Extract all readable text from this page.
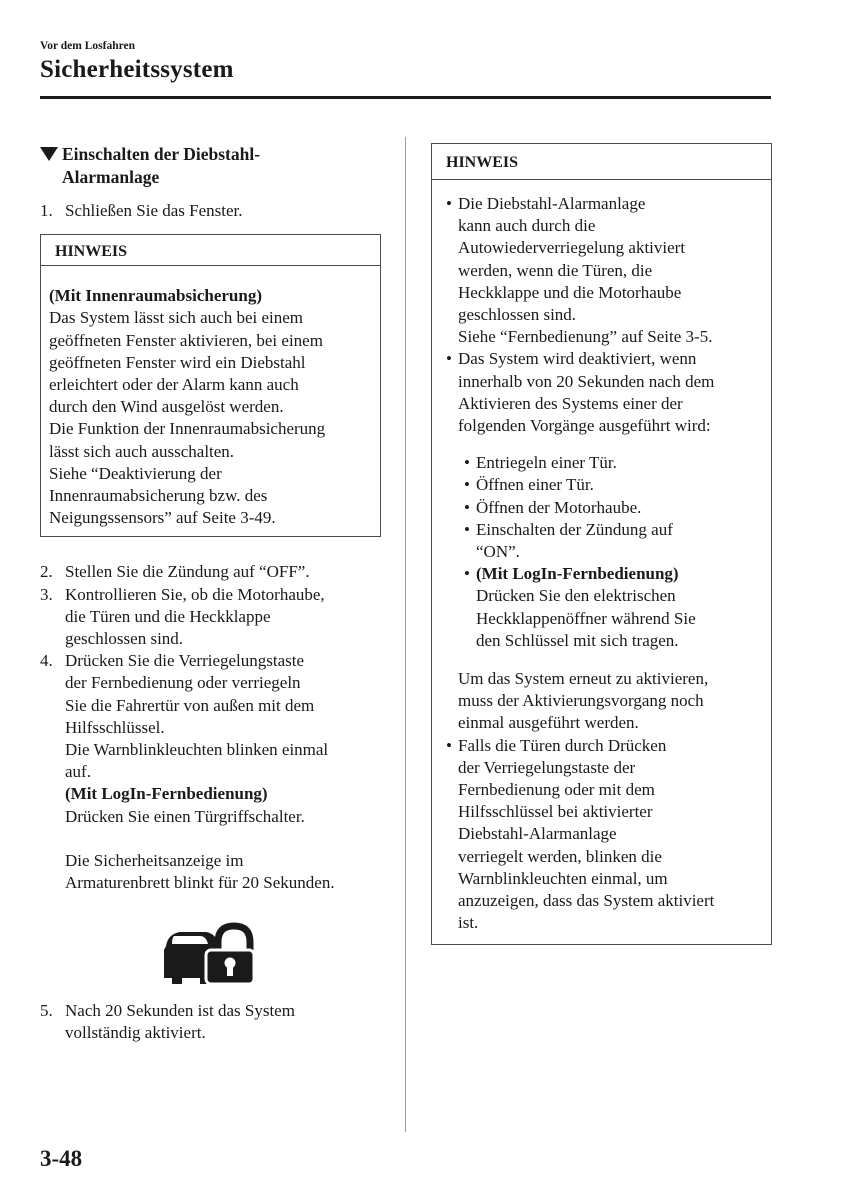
Vor dem Losfahren
Sicherheitssystem
Einschalten der Diebstahl-
Alarmanlage
1. Schließen Sie das Fenster.
HINWEIS
(Mit Innenraumabsicherung)
Das System lässt sich auch bei einem
geöffneten Fenster aktivieren, bei einem
geöffneten Fenster wird ein Diebstahl
erleichtert oder der Alarm kann auch
durch den Wind ausgelöst werden.
Die Funktion der Innenraumabsicherung
lässt sich auch ausschalten.
Siehe “Deaktivierung der
Innenraumabsicherung bzw. des
Neigungssensors” auf Seite 3-49.
2. Stellen Sie die Zündung auf “OFF”.
3. Kontrollieren Sie, ob die Motorhaube,
die Türen und die Heckklappe
geschlossen sind.
4. Drücken Sie die Verriegelungstaste
der Fernbedienung oder verriegeln
Sie die Fahrertür von außen mit dem
Hilfsschlüssel.
Die Warnblinkleuchten blinken einmal
auf.
(Mit LogIn-Fernbedienung)
Drücken Sie einen Türgriffschalter.
Die Sicherheitsanzeige im
Armaturenbrett blinkt für 20 Sekunden.
5. Nach 20 Sekunden ist das System
vollständig aktiviert.
HINWEIS
• Die Diebstahl-Alarmanlage
kann auch durch die
Autowiederverriegelung aktiviert
werden, wenn die Türen, die
Heckklappe und die Motorhaube
geschlossen sind.
Siehe “Fernbedienung” auf Seite 3-5.
• Das System wird deaktiviert, wenn
innerhalb von 20 Sekunden nach dem
Aktivieren des Systems einer der
folgenden Vorgänge ausgeführt wird:
• Entriegeln einer Tür.
• Öffnen einer Tür.
• Öffnen der Motorhaube.
• Einschalten der Zündung auf
“ON”.
• (Mit LogIn-Fernbedienung)
Drücken Sie den elektrischen
Heckklappenöffner während Sie
den Schlüssel mit sich tragen.
Um das System erneut zu aktivieren,
muss der Aktivierungsvorgang noch
einmal ausgeführt werden.
• Falls die Türen durch Drücken
der Verriegelungstaste der
Fernbedienung oder mit dem
Hilfsschlüssel bei aktivierter
Diebstahl-Alarmanlage
verriegelt werden, blinken die
Warnblinkleuchten einmal, um
anzuzeigen, dass das System aktiviert
ist.
3-48
